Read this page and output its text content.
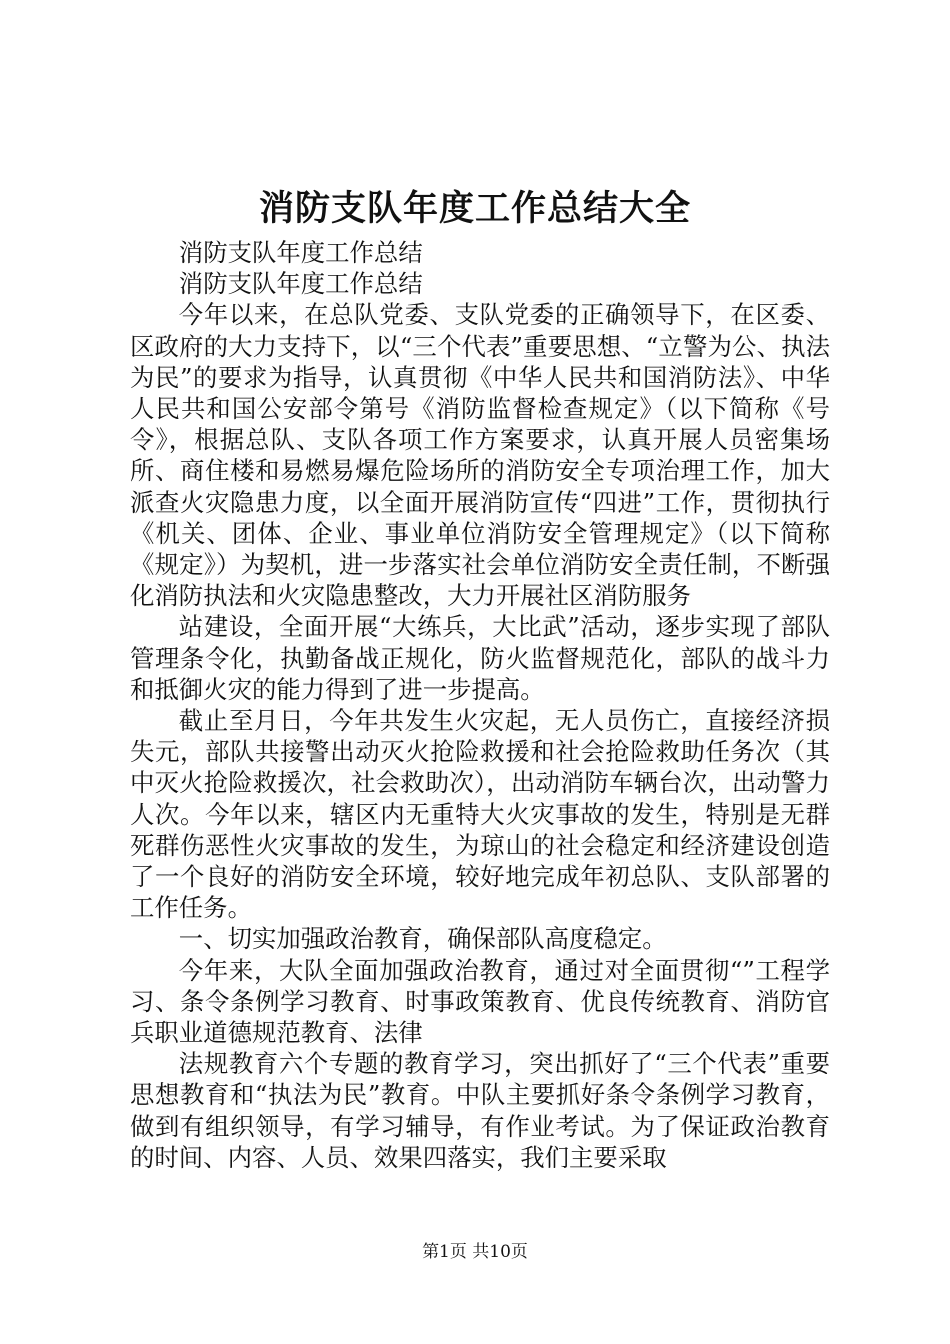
消防支队年度工作总结大全

消防支队年度工作总结

消防支队年度工作总结

今年以来，在总队党委、支队党委的正确领导下，在区委、区政府的大力支持下，以“三个代表”重要思想、“立警为公、执法为民”的要求为指导，认真贯彻《中华人民共和国消防法》、中华人民共和国公安部令第号《消防监督检查规定》（以下简称《号令》，根据总队、支队各项工作方案要求，认真开展人员密集场所、商住楼和易燃易爆危险场所的消防安全专项治理工作，加大派查火灾隐患力度，以全面开展消防宣传“四进”工作，贯彻执行《机关、团体、企业、事业单位消防安全管理规定》（以下简称《规定》）为契机，进一步落实社会单位消防安全责任制，不断强化消防执法和火灾隐患整改，大力开展社区消防服务

站建设，全面开展“大练兵，大比武”活动，逐步实现了部队管理条令化，执勤备战正规化，防火监督规范化，部队的战斗力和抵御火灾的能力得到了进一步提高。

截止至月日，今年共发生火灾起，无人员伤亡，直接经济损失元，部队共接警出动灭火抢险救援和社会抢险救助任务次（其中灭火抢险救援次，社会救助次），出动消防车辆台次，出动警力人次。今年以来，辖区内无重特大火灾事故的发生，特别是无群死群伤恶性火灾事故的发生，为琼山的社会稳定和经济建设创造了一个良好的消防安全环境，较好地完成年初总队、支队部署的工作任务。

一、切实加强政治教育，确保部队高度稳定。

今年来，大队全面加强政治教育，通过对全面贯彻“”工程学习、条令条例学习教育、时事政策教育、优良传统教育、消防官兵职业道德规范教育、法律

法规教育六个专题的教育学习，突出抓好了“三个代表”重要思想教育和“执法为民”教育。中队主要抓好条令条例学习教育，做到有组织领导，有学习辅导，有作业考试。为了保证政治教育的时间、内容、人员、效果四落实，我们主要采取

第1页 共10页
